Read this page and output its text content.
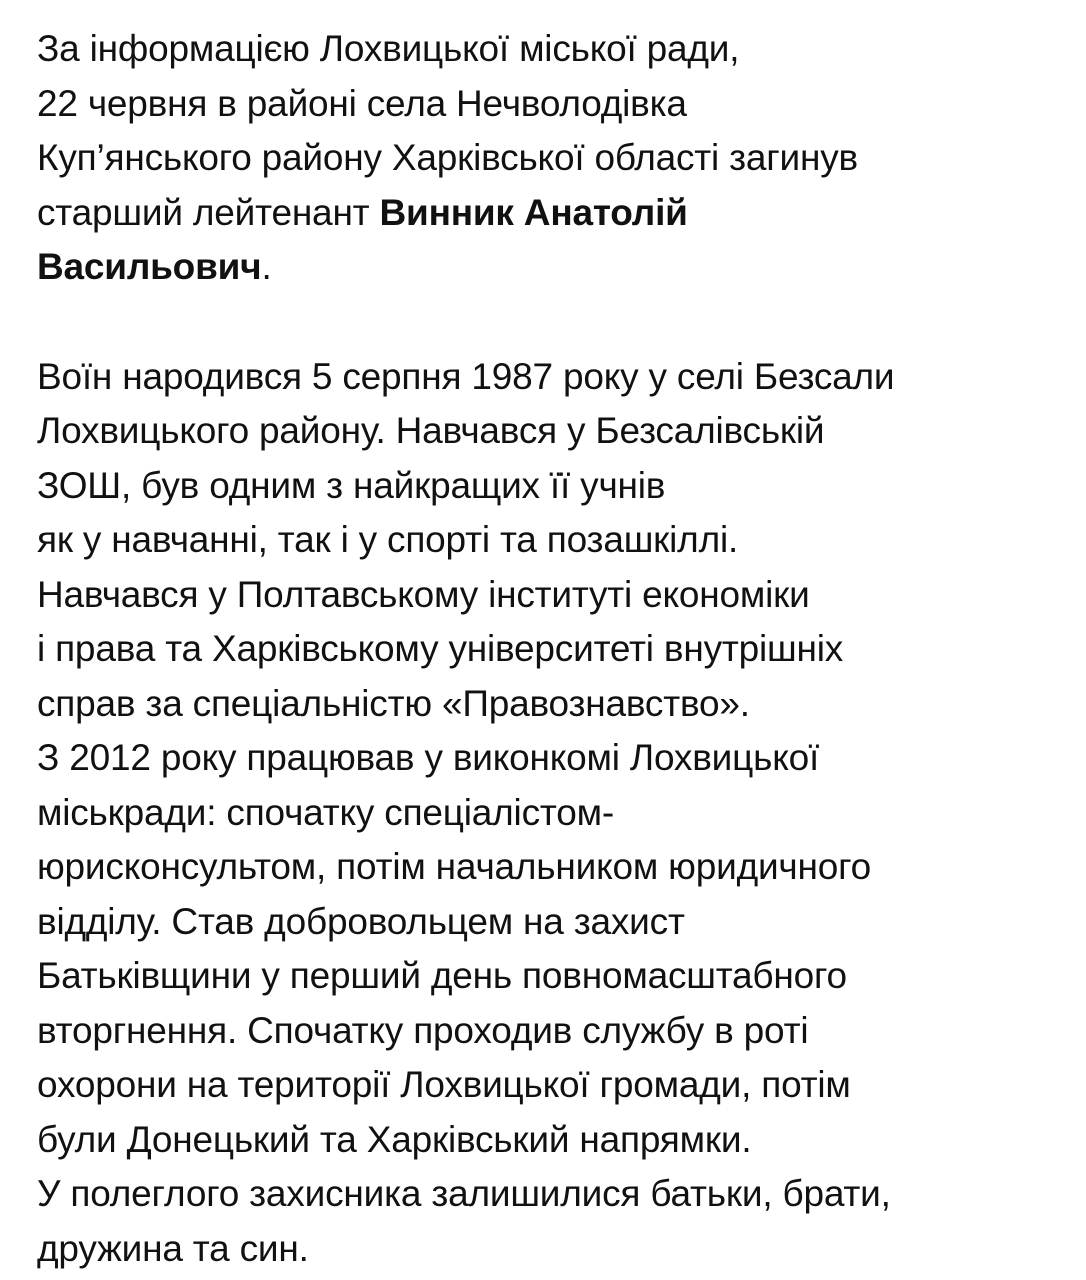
За інформацією Лохвицької міської ради,
22 червня в районі села Нечволодівка
Куп’янського району Харківської області загинув
старший лейтенант Винник Анатолій
Васильович.
Воїн народився 5 серпня 1987 року у селі Безсали
Лохвицького району. Навчався у Безсалівській
ЗОШ, був одним з найкращих її учнів
як у навчанні, так і у спорті та позашкіллі.
Навчався у Полтавському інституті економіки
і права та Харківському університеті внутрішніх
справ за спеціальністю «Правознавство».
З 2012 року працював у виконкомі Лохвицької
міськради: спочатку спеціалістом-
юрисконсультом, потім начальником юридичного
відділу. Став добровольцем на захист
Батьківщини у перший день повномасштабного
вторгнення. Спочатку проходив службу в роті
охорони на території Лохвицької громади, потім
були Донецький та Харківський напрямки.
У полеглого захисника залишилися батьки, брати,
дружина та син.
